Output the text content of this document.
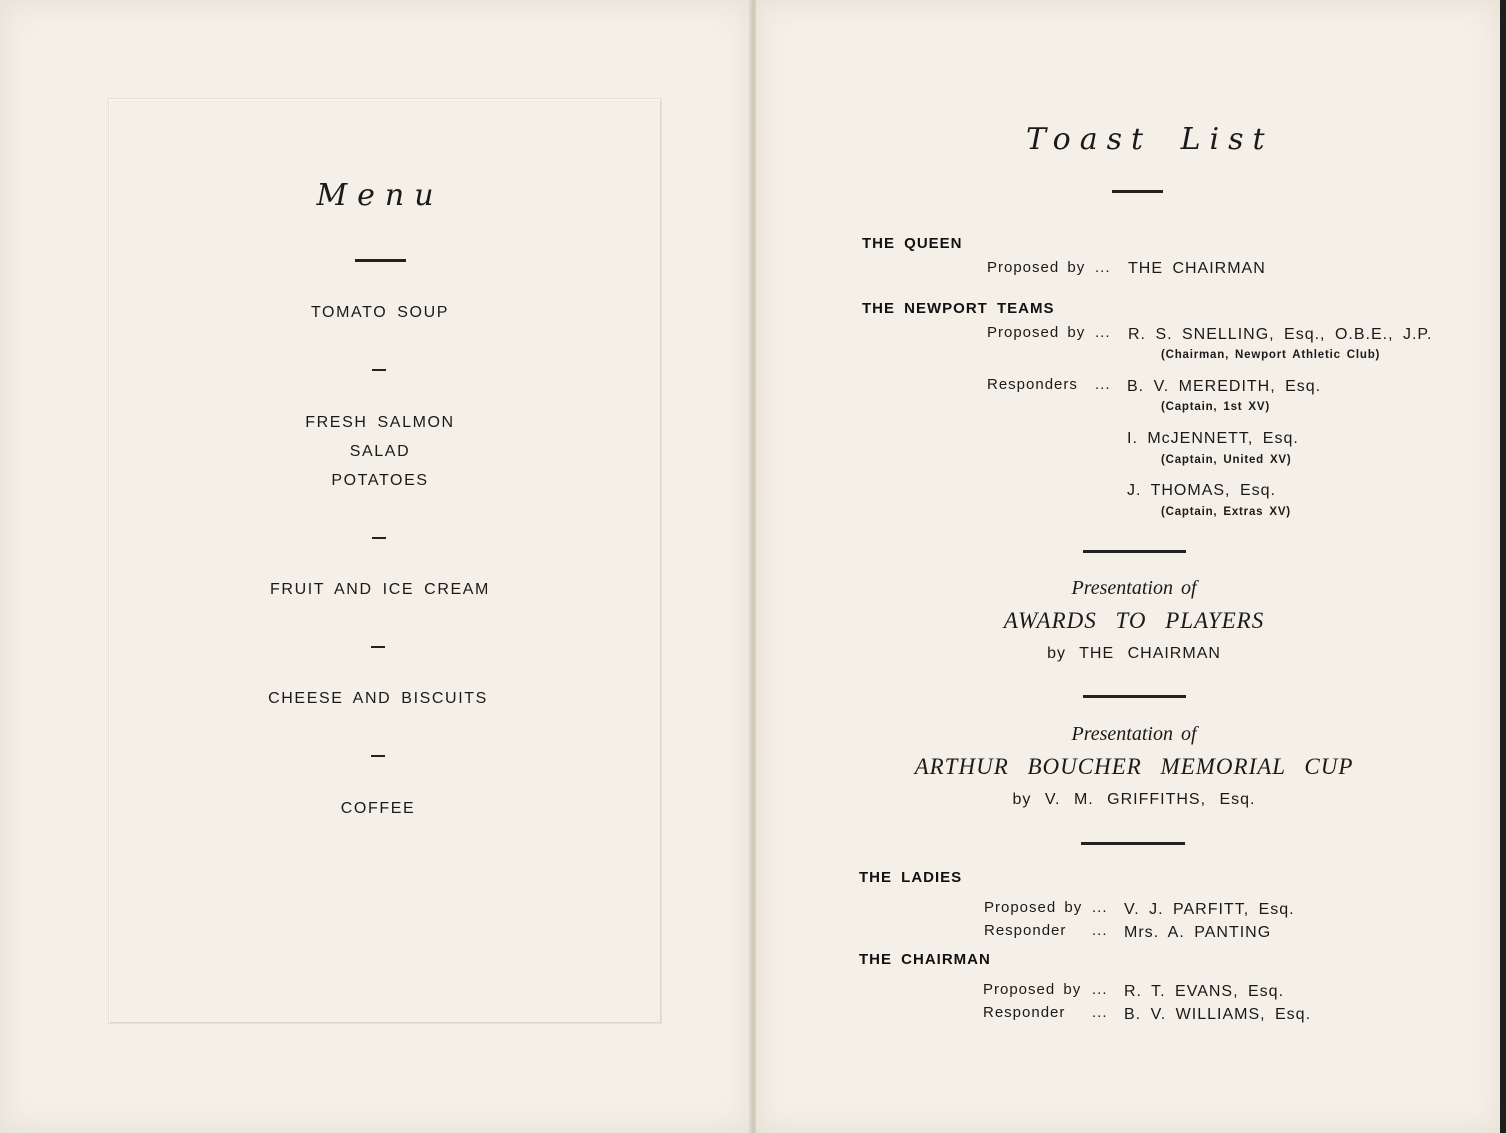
Menu
TOMATO SOUP
FRESH SALMON
SALAD
POTATOES
FRUIT AND ICE CREAM
CHEESE AND BISCUITS
COFFEE
Toast List
THE QUEEN
Proposed by ... THE CHAIRMAN
THE NEWPORT TEAMS
Proposed by ... R. S. SNELLING, Esq., O.B.E., J.P.
(Chairman, Newport Athletic Club)
Responders ... B. V. MEREDITH, Esq.
(Captain, 1st XV)
I. McJENNETT, Esq.
(Captain, United XV)
J. THOMAS, Esq.
(Captain, Extras XV)
Presentation of
AWARDS TO PLAYERS
by THE CHAIRMAN
Presentation of
ARTHUR BOUCHER MEMORIAL CUP
by V. M. GRIFFITHS, Esq.
THE LADIES
Proposed by ... V. J. PARFITT, Esq.
Responder ... Mrs. A. PANTING
THE CHAIRMAN
Proposed by ... R. T. EVANS, Esq.
Responder ... B. V. WILLIAMS, Esq.
